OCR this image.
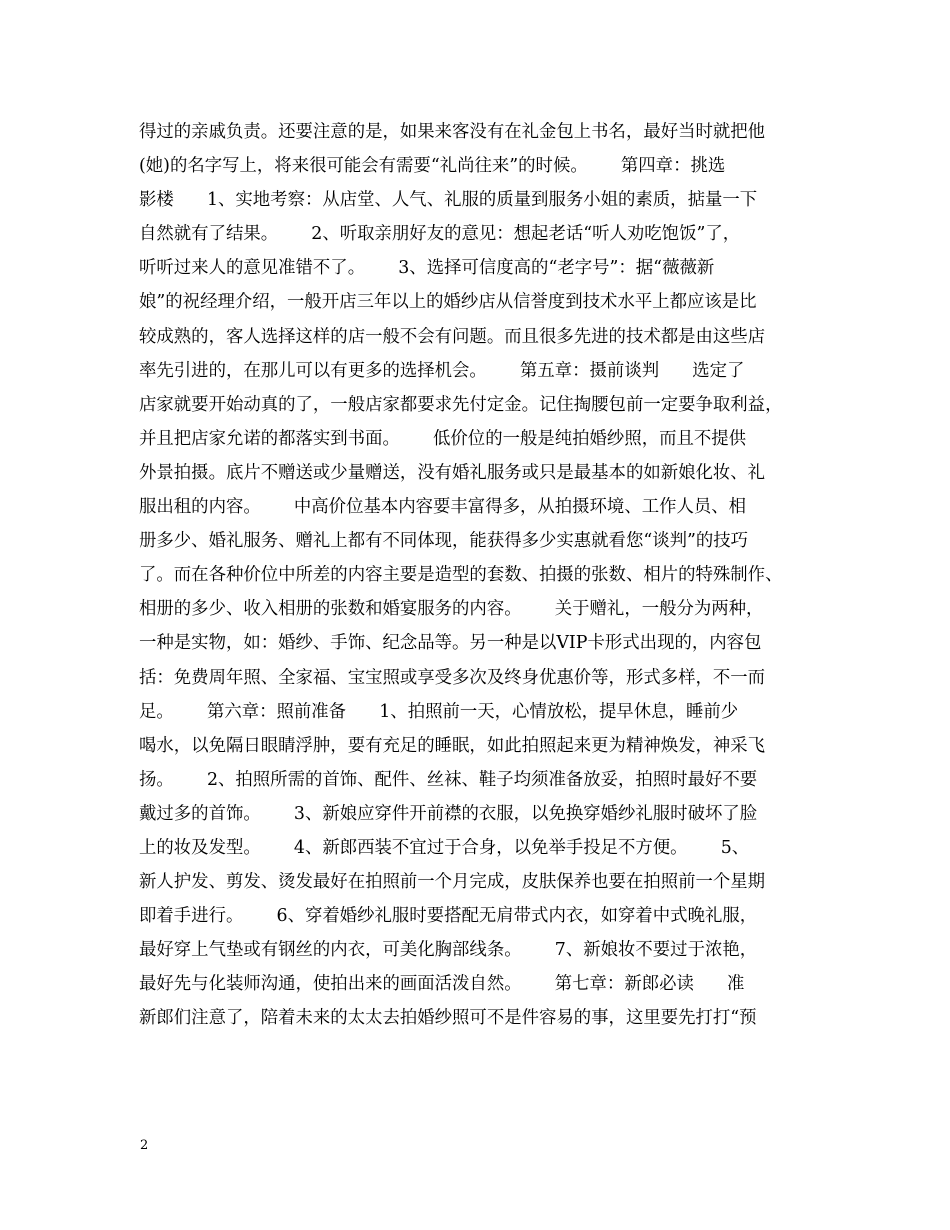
得过的亲戚负责。还要注意的是，如果来客没有在礼金包上书名，最好当时就把他
(她)的名字写上，将来很可能会有需要“礼尚往来”的时候。      第四章：挑选
影楼      1、实地考察：从店堂、人气、礼服的质量到服务小姐的素质，掂量一下
自然就有了结果。      2、听取亲朋好友的意见：想起老话“听人劝吃饱饭”了，
听听过来人的意见准错不了。      3、选择可信度高的“老字号”：据“薇薇新
娘”的祝经理介绍，一般开店三年以上的婚纱店从信誉度到技术水平上都应该是比
较成熟的，客人选择这样的店一般不会有问题。而且很多先进的技术都是由这些店
率先引进的，在那儿可以有更多的选择机会。      第五章：摄前谈判      选定了
店家就要开始动真的了，一般店家都要求先付定金。记住掏腰包前一定要争取利益，
并且把店家允诺的都落实到书面。      低价位的一般是纯拍婚纱照，而且不提供
外景拍摄。底片不赠送或少量赠送，没有婚礼服务或只是最基本的如新娘化妆、礼
服出租的内容。      中高价位基本内容要丰富得多，从拍摄环境、工作人员、相
册多少、婚礼服务、赠礼上都有不同体现，能获得多少实惠就看您“谈判”的技巧
了。而在各种价位中所差的内容主要是造型的套数、拍摄的张数、相片的特殊制作、
相册的多少、收入相册的张数和婚宴服务的内容。      关于赠礼，一般分为两种，
一种是实物，如：婚纱、手饰、纪念品等。另一种是以VIP卡形式出现的，内容包
括：免费周年照、全家福、宝宝照或享受多次及终身优惠价等，形式多样，不一而
足。      第六章：照前准备      1、拍照前一天，心情放松，提早休息，睡前少
喝水，以免隔日眼睛浮肿，要有充足的睡眠，如此拍照起来更为精神焕发，神采飞
扬。      2、拍照所需的首饰、配件、丝袜、鞋子均须准备放妥，拍照时最好不要
戴过多的首饰。      3、新娘应穿件开前襟的衣服，以免换穿婚纱礼服时破坏了脸
上的妆及发型。      4、新郎西装不宜过于合身，以免举手投足不方便。      5、
新人护发、剪发、烫发最好在拍照前一个月完成，皮肤保养也要在拍照前一个星期
即着手进行。      6、穿着婚纱礼服时要搭配无肩带式内衣，如穿着中式晚礼服，
最好穿上气垫或有钢丝的内衣，可美化胸部线条。      7、新娘妆不要过于浓艳，
最好先与化装师沟通，使拍出来的画面活泼自然。      第七章：新郎必读      准
新郎们注意了，陪着未来的太太去拍婚纱照可不是件容易的事，这里要先打打“预
2
